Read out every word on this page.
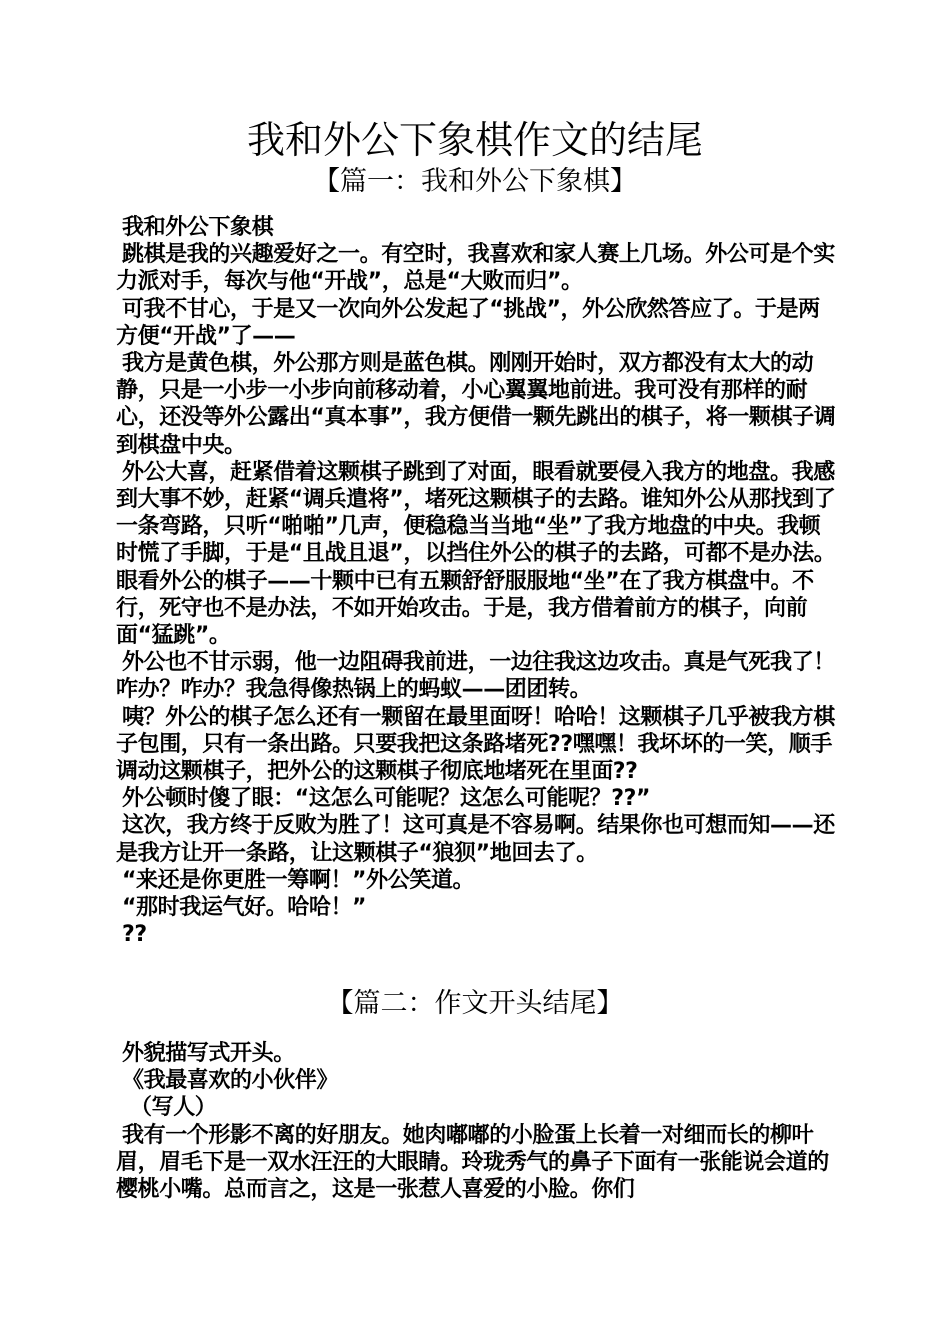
我和外公下象棋作文的结尾
【篇一：我和外公下象棋】

我和外公下象棋

跳棋是我的兴趣爱好之一。有空时，我喜欢和家人赛上几场。外公可是个实力派对手，每次与他“开战”，总是“大败而归”。

可我不甘心，于是又一次向外公发起了“挑战”，外公欣然答应了。于是两方便“开战”了——

我方是黄色棋，外公那方则是蓝色棋。刚刚开始时，双方都没有太大的动静，只是一小步一小步向前移动着，小心翼翼地前进。我可没有那样的耐心，还没等外公露出“真本事”，我方便借一颗先跳出的棋子，将一颗棋子调到棋盘中央。

外公大喜，赶紧借着这颗棋子跳到了对面，眼看就要侵入我方的地盘。我感到大事不妙，赶紧“调兵遣将”，堵死这颗棋子的去路。谁知外公从那找到了一条弯路，只听“啪啪”几声，便稳稳当当地“坐”了我方地盘的中央。我顿时慌了手脚，于是“且战且退”，以挡住外公的棋子的去路，可都不是办法。眼看外公的棋子——十颗中已有五颗舒舒服服地“坐”在了我方棋盘中。不行，死守也不是办法，不如开始攻击。于是，我方借着前方的棋子，向前面“猛跳”。

外公也不甘示弱，他一边阻碍我前进，一边往我这边攻击。真是气死我了！咋办？咋办？我急得像热锅上的蚂蚁——团团转。

咦？外公的棋子怎么还有一颗留在最里面呀！哈哈！这颗棋子几乎被我方棋子包围，只有一条出路。只要我把这条路堵死??嘿嘿！我坏坏的一笑，顺手调动这颗棋子，把外公的这颗棋子彻底地堵死在里面??

外公顿时傻了眼：“这怎么可能呢？这怎么可能呢？??”

这次，我方终于反败为胜了！这可真是不容易啊。结果你也可想而知——还是我方让开一条路，让这颗棋子“狼狈”地回去了。

“来还是你更胜一筹啊！”外公笑道。

“那时我运气好。哈哈！”

??

【篇二：作文开头结尾】

外貌描写式开头。

《我最喜欢的小伙伴》

（写人）

我有一个形影不离的好朋友。她肉嘟嘟的小脸蛋上长着一对细而长的柳叶眉，眉毛下是一双水汪汪的大眼睛。玲珑秀气的鼻子下面有一张能说会道的樱桃小嘴。总而言之，这是一张惹人喜爱的小脸。你们
